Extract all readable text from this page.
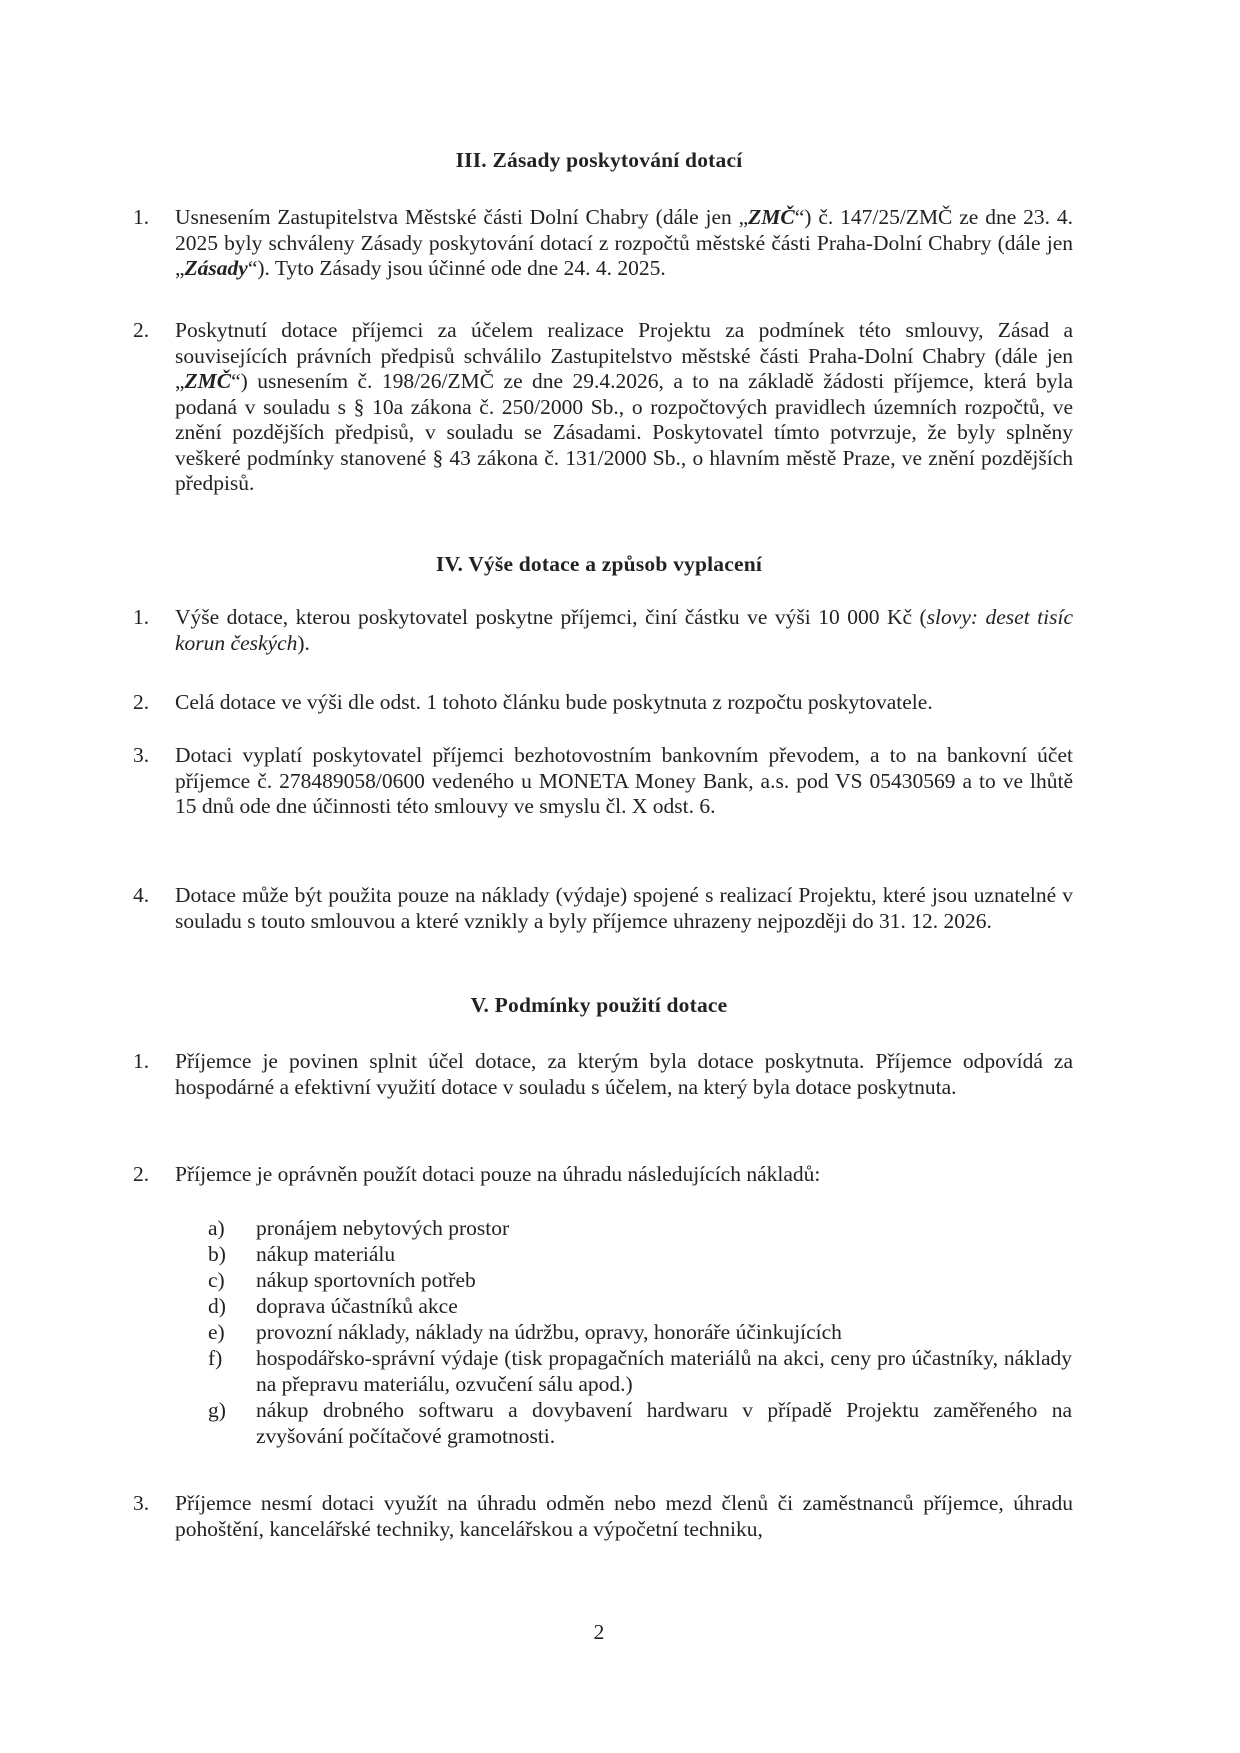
III. Zásady poskytování dotací
1.	Usnesením Zastupitelstva Městské části Dolní Chabry (dále jen „ZMČ“) č. 147/25/ZMČ ze dne 23. 4. 2025 byly schváleny Zásady poskytování dotací z rozpočtů městské části Praha-Dolní Chabry (dále jen „Zásady“). Tyto Zásady jsou účinné ode dne 24. 4. 2025.
2.	Poskytnutí dotace příjemci za účelem realizace Projektu za podmínek této smlouvy, Zásad a souvisejících právních předpisů schválilo Zastupitelstvo městské části Praha-Dolní Chabry (dále jen „ZMČ“) usnesením č. 198/26/ZMČ ze dne 29.4.2026, a to na základě žádosti příjemce, která byla podaná v souladu s § 10a zákona č. 250/2000 Sb., o rozpočtových pravidlech územních rozpočtů, ve znění pozdějších předpisů, v souladu se Zásadami. Poskytovatel tímto potvrzuje, že byly splněny veškeré podmínky stanovené § 43 zákona č. 131/2000 Sb., o hlavním městě Praze, ve znění pozdějších předpisů.
IV. Výše dotace a způsob vyplacení
1.	Výše dotace, kterou poskytovatel poskytne příjemci, činí částku ve výši 10 000 Kč (slovy: deset tisíc korun českých).
2.	Celá dotace ve výši dle odst. 1 tohoto článku bude poskytnuta z rozpočtu poskytovatele.
3.	Dotaci vyplatí poskytovatel příjemci bezhotovostním bankovním převodem, a to na bankovní účet příjemce č. 278489058/0600 vedeného u MONETA Money Bank, a.s. pod VS 05430569 a to ve lhůtě 15 dnů ode dne účinnosti této smlouvy ve smyslu čl. X odst. 6.
4.	Dotace může být použita pouze na náklady (výdaje) spojené s realizací Projektu, které jsou uznatelné v souladu s touto smlouvou a které vznikly a byly příjemce uhrazeny nejpozději do 31. 12. 2026.
V. Podmínky použití dotace
1.	Příjemce je povinen splnit účel dotace, za kterým byla dotace poskytnuta. Příjemce odpovídá za hospodárné a efektivní využití dotace v souladu s účelem, na který byla dotace poskytnuta.
2.	Příjemce je oprávněn použít dotaci pouze na úhradu následujících nákladů:
a)	pronájem nebytových prostor
b)	nákup materiálu
c)	nákup sportovních potřeb
d)	doprava účastníků akce
e)	provozní náklady, náklady na údržbu, opravy, honoráře účinkujících
f)	hospodářsko-správní výdaje (tisk propagačních materiálů na akci, ceny pro účastníky, náklady na přepravu materiálu, ozvučení sálu apod.)
g)	nákup drobného softwaru a dovybavení hardwaru v případě Projektu zaměřeného na zvyšování počítačové gramotnosti.
3.	Příjemce nesmí dotaci využít na úhradu odměn nebo mezd členů či zaměstnanců příjemce, úhradu pohoštění, kancelářské techniky, kancelářskou a výpočetní techniku,
2
